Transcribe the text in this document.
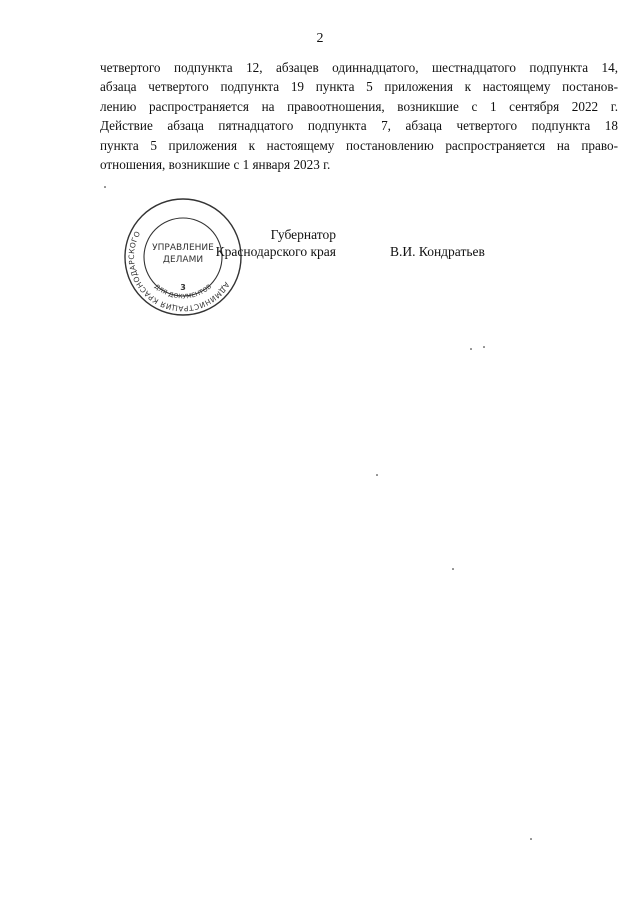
2
четвертого подпункта 12, абзацев одиннадцатого, шестнадцатого подпункта 14,
абзаца четвертого подпункта 19 пункта 5 приложения к настоящему постанов-
лению распространяется на правоотношения, возникшие с 1 сентября 2022 г.
Действие абзаца пятнадцатого подпункта 7, абзаца четвертого подпункта 18
пункта 5 приложения к настоящему постановлению распространяется на право-
отношения, возникшие с 1 января 2023 г.
АДМИНИСТРАЦИЯ КРАСНОДАРСКОГО
ДЛЯ ДОКУМЕНТОВ
УПРАВЛЕНИЕ
ДЕЛАМИ
3
Губернатор
Краснодарского края	В.И. Кондратьев
